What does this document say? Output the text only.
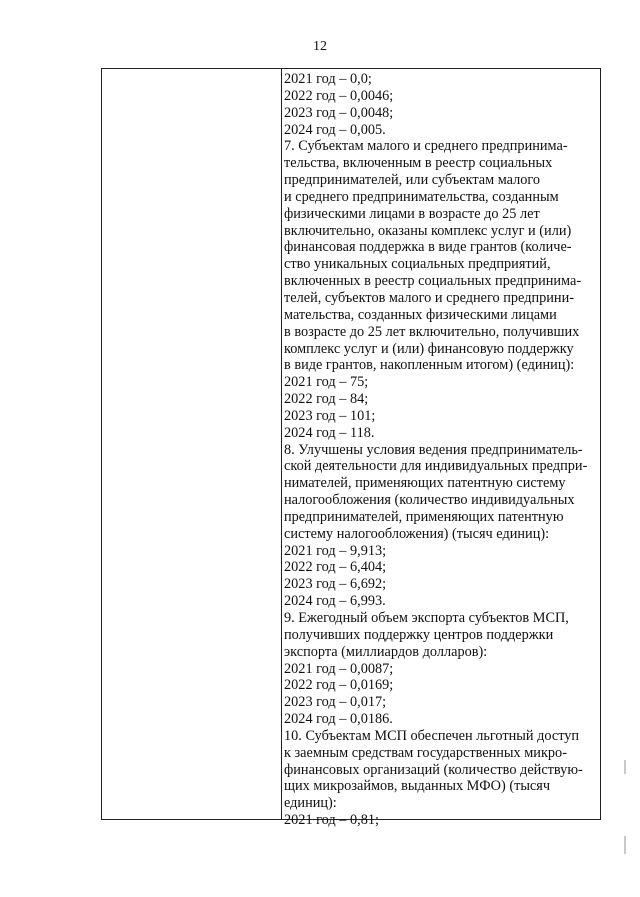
12
2021 год – 0,0;
2022 год – 0,0046;
2023 год – 0,0048;
2024 год – 0,005.
7. Субъектам малого и среднего предпринима-
тельства, включенным в реестр социальных
предпринимателей, или субъектам малого
и среднего предпринимательства, созданным
физическими лицами в возрасте до 25 лет
включительно, оказаны комплекс услуг и (или)
финансовая поддержка в виде грантов (количе-
ство уникальных социальных предприятий,
включенных в реестр социальных предпринима-
телей, субъектов малого и среднего предприни-
мательства, созданных физическими лицами
в возрасте до 25 лет включительно, получивших
комплекс услуг и (или) финансовую поддержку
в виде грантов, накопленным итогом) (единиц):
2021 год – 75;
2022 год – 84;
2023 год – 101;
2024 год – 118.
8. Улучшены условия ведения предприниматель-
ской деятельности для индивидуальных предпри-
нимателей, применяющих патентную систему
налогообложения (количество индивидуальных
предпринимателей, применяющих патентную
систему налогообложения) (тысяч единиц):
2021 год – 9,913;
2022 год – 6,404;
2023 год – 6,692;
2024 год – 6,993.
9. Ежегодный объем экспорта субъектов МСП,
получивших поддержку центров поддержки
экспорта (миллиардов долларов):
2021 год – 0,0087;
2022 год – 0,0169;
2023 год – 0,017;
2024 год – 0,0186.
10. Субъектам МСП обеспечен льготный доступ
к заемным средствам государственных микро-
финансовых организаций (количество действую-
щих микрозаймов, выданных МФО) (тысяч
единиц):
2021 год – 0,81;
